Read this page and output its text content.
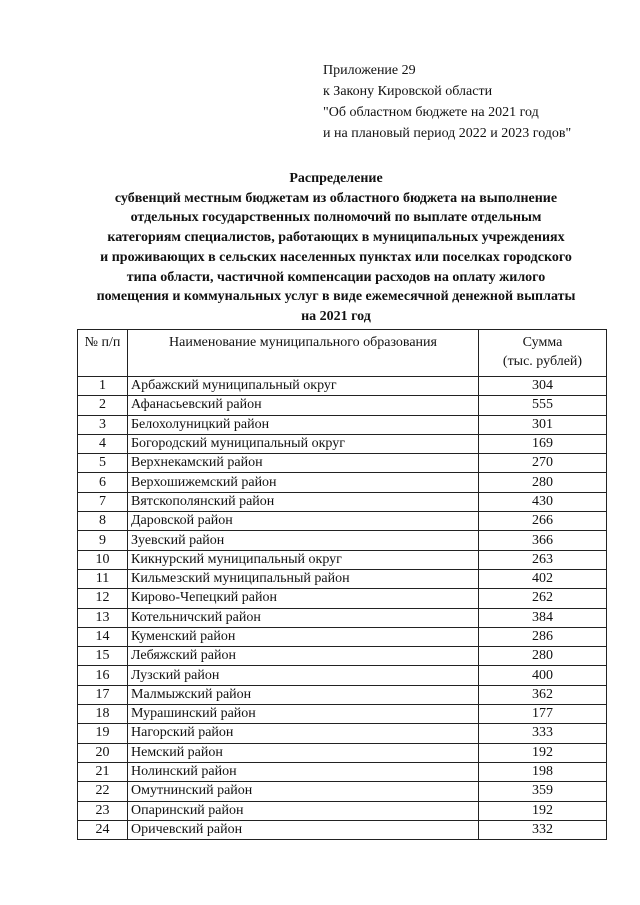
Приложение 29
к Закону Кировской области
"Об областном бюджете на 2021 год
и на плановый период 2022 и 2023 годов"
Распределение
субвенций местным бюджетам из областного бюджета на выполнение
отдельных государственных полномочий по выплате отдельным
категориям специалистов, работающих в муниципальных учреждениях
и проживающих в сельских населенных пунктах или поселках городского
типа области, частичной компенсации расходов на оплату жилого
помещения и коммунальных услуг в виде ежемесячной денежной выплаты
на 2021 год
№ п/п	Наименование муниципального образования	Сумма
(тыс. рублей)

1	Арбажский муниципальный округ	304
2	Афанасьевский район	555
3	Белохолуницкий район	301
4	Богородский муниципальный округ	169
5	Верхнекамский район	270
6	Верхошижемский район	280
7	Вятскополянский район	430
8	Даровской район	266
9	Зуевский район	366
10	Кикнурский муниципальный округ	263
11	Кильмезский муниципальный район	402
12	Кирово-Чепецкий район	262
13	Котельничский район	384
14	Куменский район	286
15	Лебяжский район	280
16	Лузский район	400
17	Малмыжский район	362
18	Мурашинский район	177
19	Нагорский район	333
20	Немский район	192
21	Нолинский район	198
22	Омутнинский район	359
23	Опаринский район	192
24	Оричевский район	332
